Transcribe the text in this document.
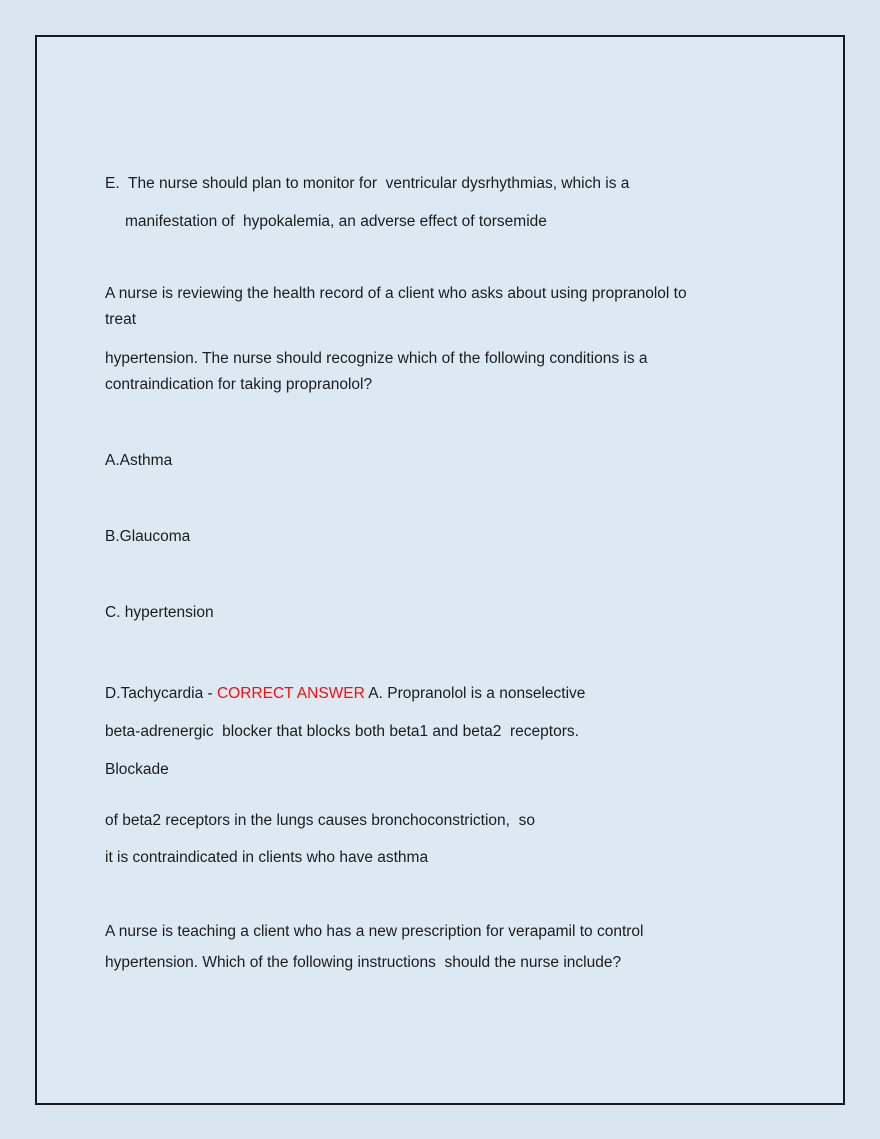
E.  The nurse should plan to monitor for  ventricular dysrhythmias, which is a
manifestation of  hypokalemia, an adverse effect of torsemide
A nurse is reviewing the health record of a client who asks about using propranolol to
treat
hypertension. The nurse should recognize which of the following conditions is a
contraindication for taking propranolol?
A.Asthma
B.Glaucoma
C. hypertension
D.Tachycardia - CORRECT ANSWER A. Propranolol is a nonselective
beta-adrenergic  blocker that blocks both beta1 and beta2  receptors.
Blockade
of beta2 receptors in the lungs causes bronchoconstriction,  so
it is contraindicated in clients who have asthma
A nurse is teaching a client who has a new prescription for verapamil to control
hypertension. Which of the following instructions  should the nurse include?
